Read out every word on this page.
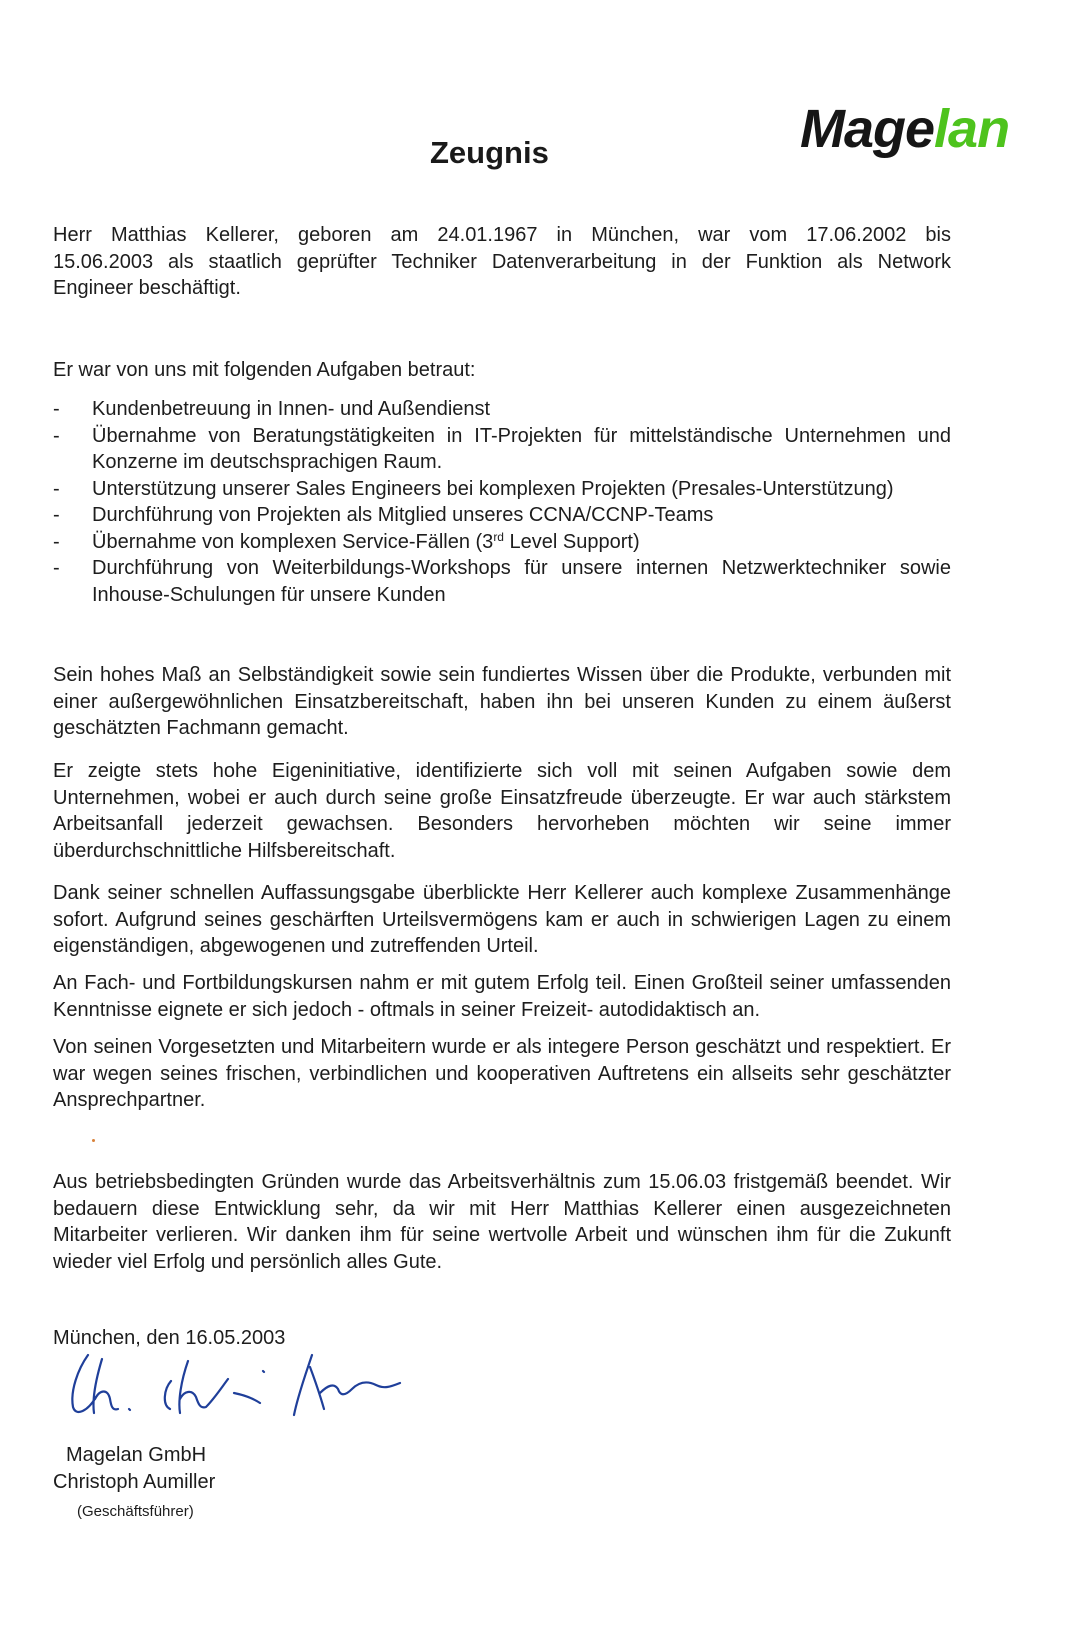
Magelan
Zeugnis
Herr Matthias Kellerer, geboren am 24.01.1967 in München, war vom 17.06.2002 bis
15.06.2003 als staatlich geprüfter Techniker Datenverarbeitung in der Funktion als Network
Engineer beschäftigt.
Er war von uns mit folgenden Aufgaben betraut:
- Kundenbetreuung in Innen- und Außendienst
- Übernahme von Beratungstätigkeiten in IT-Projekten für mittelständische Unternehmen und Konzerne im deutschsprachigen Raum.
- Unterstützung unserer Sales Engineers bei komplexen Projekten (Presales-Unterstützung)
- Durchführung von Projekten als Mitglied unseres CCNA/CCNP-Teams
- Übernahme von komplexen Service-Fällen (3rd Level Support)
- Durchführung von Weiterbildungs-Workshops für unsere internen Netzwerktechniker sowie Inhouse-Schulungen für unsere Kunden
Sein hohes Maß an Selbständigkeit sowie sein fundiertes Wissen über die Produkte, verbunden mit einer außergewöhnlichen Einsatzbereitschaft, haben ihn bei unseren Kunden zu einem äußerst geschätzten Fachmann gemacht.
Er zeigte stets hohe Eigeninitiative, identifizierte sich voll mit seinen Aufgaben sowie dem Unternehmen, wobei er auch durch seine große Einsatzfreude überzeugte. Er war auch stärkstem Arbeitsanfall jederzeit gewachsen. Besonders hervorheben möchten wir seine immer überdurchschnittliche Hilfsbereitschaft.
Dank seiner schnellen Auffassungsgabe überblickte Herr Kellerer auch komplexe Zusammenhänge sofort. Aufgrund seines geschärften Urteilsvermögens kam er auch in schwierigen Lagen zu einem eigenständigen, abgewogenen und zutreffenden Urteil.
An Fach- und Fortbildungskursen nahm er mit gutem Erfolg teil. Einen Großteil seiner umfassenden Kenntnisse eignete er sich jedoch - oftmals in seiner Freizeit- autodidaktisch an.
Von seinen Vorgesetzten und Mitarbeitern wurde er als integere Person geschätzt und respektiert. Er war wegen seines frischen, verbindlichen und kooperativen Auftretens ein allseits sehr geschätzter Ansprechpartner.
Aus betriebsbedingten Gründen wurde das Arbeitsverhältnis zum 15.06.03 fristgemäß beendet. Wir bedauern diese Entwicklung sehr, da wir mit Herr Matthias Kellerer einen ausgezeichneten Mitarbeiter verlieren. Wir danken ihm für seine wertvolle Arbeit und wünschen ihm für die Zukunft wieder viel Erfolg und persönlich alles Gute.
München, den 16.05.2003
Magelan GmbH
Christoph Aumiller
(Geschäftsführer)
